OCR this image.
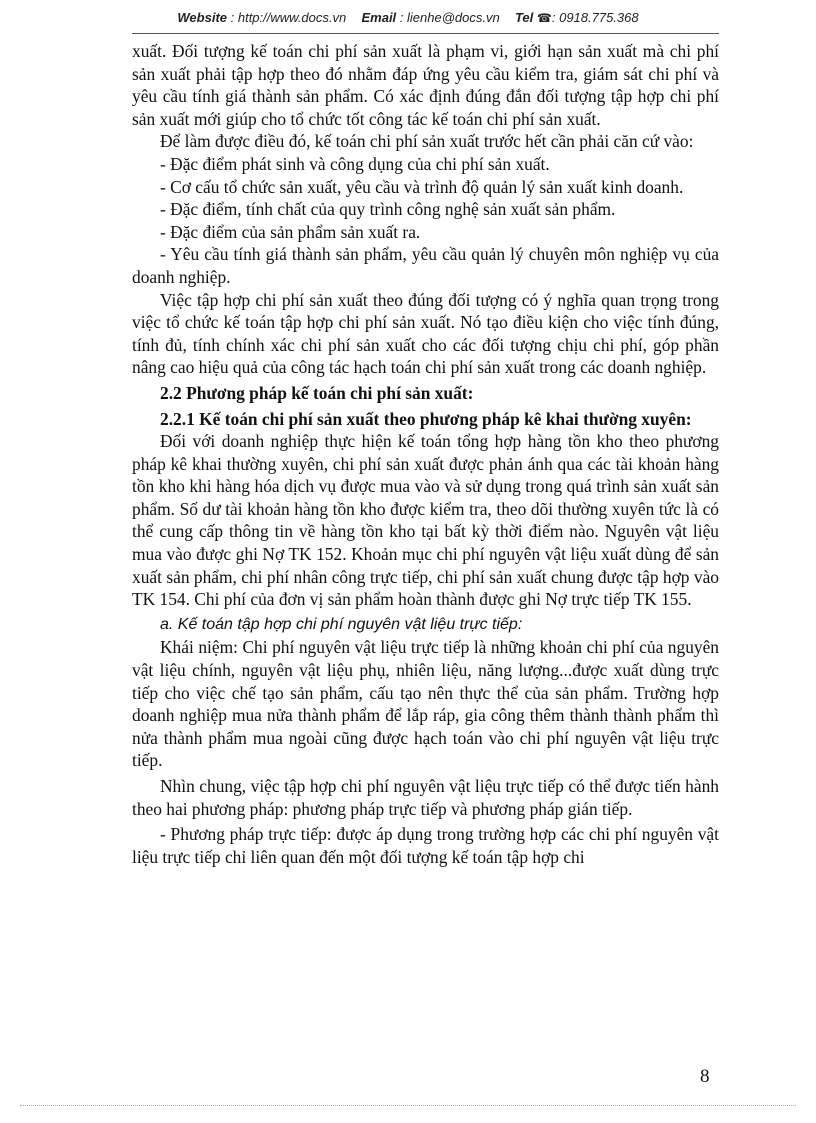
Website : http://www.docs.vn Email : lienhe@docs.vn Tel ☎: 0918.775.368

xuất. Đối tượng kế toán chi phí sản xuất là phạm vi, giới hạn sản xuất mà chi phí sản xuất phải tập hợp theo đó nhằm đáp ứng yêu cầu kiểm tra, giám sát chi phí và yêu cầu tính giá thành sản phẩm. Có xác định đúng đắn đối tượng tập hợp chi phí sản xuất mới giúp cho tổ chức tốt công tác kế toán chi phí sản xuất.

Để làm được điều đó, kế toán chi phí sản xuất trước hết cần phải căn cứ vào:

- Đặc điểm phát sinh và công dụng của chi phí sản xuất.

- Cơ cấu tổ chức sản xuất, yêu cầu và trình độ quản lý sản xuất kinh doanh.

- Đặc điểm, tính chất của quy trình công nghệ sản xuất sản phẩm.

- Đặc điểm của sản phẩm sản xuất ra.

- Yêu cầu tính giá thành sản phẩm, yêu cầu quản lý chuyên môn nghiệp vụ của doanh nghiệp.

Việc tập hợp chi phí sản xuất theo đúng đối tượng có ý nghĩa quan trọng trong việc tổ chức kế toán tập hợp chi phí sản xuất. Nó tạo điều kiện cho việc tính đúng, tính đủ, tính chính xác chi phí sản xuất cho các đối tượng chịu chi phí, góp phần nâng cao hiệu quả của công tác hạch toán chi phí sản xuất trong các doanh nghiệp.

2.2 Phương pháp kế toán chi phí sản xuất:

2.2.1 Kế toán chi phí sản xuất theo phương pháp kê khai thường xuyên:

Đối với doanh nghiệp thực hiện kế toán tổng hợp hàng tồn kho theo phương pháp kê khai thường xuyên, chi phí sản xuất được phản ánh qua các tài khoản hàng tồn kho khi hàng hóa dịch vụ được mua vào và sử dụng trong quá trình sản xuất sản phẩm. Số dư tài khoản hàng tồn kho được kiểm tra, theo dõi thường xuyên tức là có thể cung cấp thông tin về hàng tồn kho tại bất kỳ thời điểm nào. Nguyên vật liệu mua vào được ghi Nợ TK 152. Khoản mục chi phí nguyên vật liệu xuất dùng để sản xuất sản phẩm, chi phí nhân công trực tiếp, chi phí sản xuất chung được tập hợp vào TK 154. Chi phí của đơn vị sản phẩm hoàn thành được ghi Nợ trực tiếp TK 155.

a. Kế toán tập hợp chi phí nguyên vật liệu trực tiếp:

Khái niệm: Chi phí nguyên vật liệu trực tiếp là những khoản chi phí của nguyên vật liệu chính, nguyên vật liệu phụ, nhiên liệu, năng lượng...được xuất dùng trực tiếp cho việc chế tạo sản phẩm, cấu tạo nên thực thể của sản phẩm. Trường hợp doanh nghiệp mua nửa thành phẩm để lắp ráp, gia công thêm thành thành phẩm thì nửa thành phẩm mua ngoài cũng được hạch toán vào chi phí nguyên vật liệu trực tiếp.

Nhìn chung, việc tập hợp chi phí nguyên vật liệu trực tiếp có thể được tiến hành theo hai phương pháp: phương pháp trực tiếp và phương pháp gián tiếp.

- Phương pháp trực tiếp: được áp dụng trong trường hợp các chi phí nguyên vật liệu trực tiếp chỉ liên quan đến một đối tượng kế toán tập hợp chi

8
